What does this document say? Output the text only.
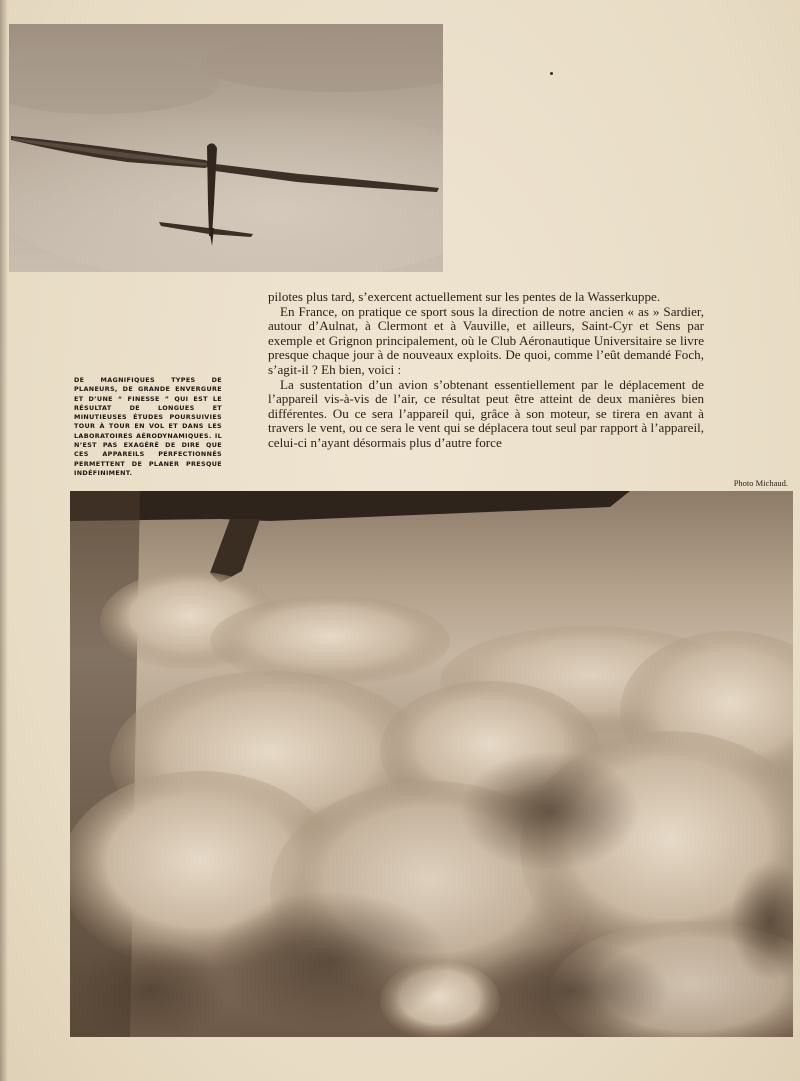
pilotes plus tard, s’exercent actuellement sur les pentes de la Wasserkuppe.

En France, on pratique ce sport sous la direction de notre ancien « as » Sardier, autour d’Aulnat, à Clermont et à Vauville, et ailleurs, Saint-Cyr et Sens par exemple et Grignon principalement, où le Club Aéronautique Universitaire se livre presque chaque jour à de nouveaux exploits. De quoi, comme l’eût demandé Foch, s’agit-il ? Eh bien, voici :

La sustentation d’un avion s’obtenant essentiellement par le déplacement de l’appareil vis-à-vis de l’air, ce résultat peut être atteint de deux manières bien différentes. Ou ce sera l’appareil qui, grâce à son moteur, se tirera en avant à travers le vent, ou ce sera le vent qui se déplacera tout seul par rapport à l’appareil, celui-ci n’ayant désormais plus d’autre force

DE MAGNIFIQUES TYPES DE PLANEURS, DE GRANDE ENVERGURE ET D’UNE “ FINESSE ” QUI EST LE RÉSULTAT DE LONGUES ET MINUTIEUSES ÉTUDES POURSUIVIES TOUR À TOUR EN VOL ET DANS LES LABORATOIRES AÉRODYNAMIQUES. IL N’EST PAS EXAGÉRÉ DE DIRE QUE CES APPAREILS PERFECTIONNÉS PERMETTENT DE PLANER PRESQUE INDÉFINIMENT.
Photo Michaud.
